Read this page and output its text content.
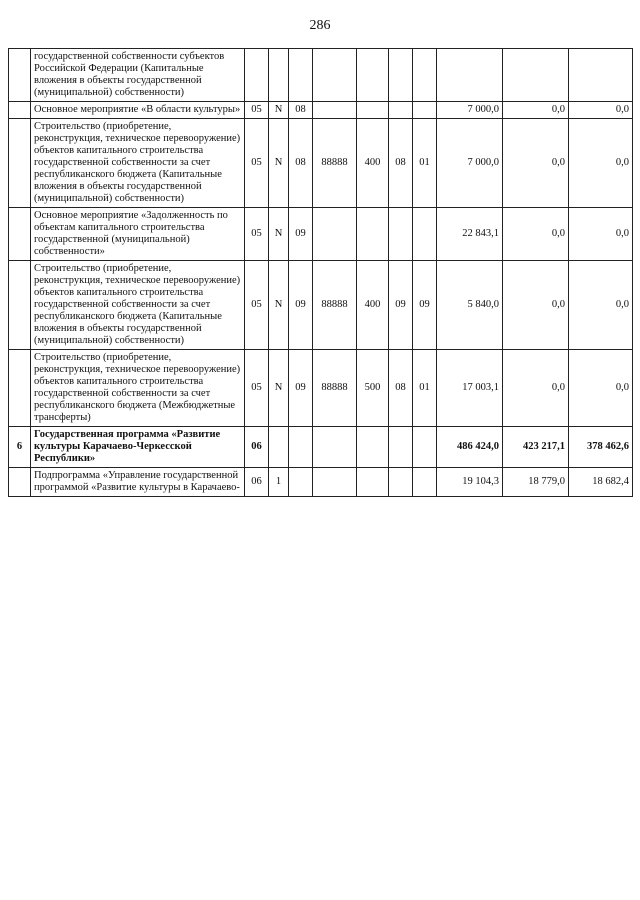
286
	государственной собственности субъектов Российской Федерации (Капитальные вложения в объекты государственной (муниципальной) собственности)										
	Основное мероприятие «В области культуры»	05	N	08					7 000,0	0,0	0,0
	Строительство (приобретение, реконструкция, техническое перевооружение) объектов капитального строительства государственной собственности за счет республиканского бюджета (Капитальные вложения в объекты государственной (муниципальной) собственности)	05	N	08	88888	400	08	01	7 000,0	0,0	0,0
	Основное мероприятие «Задолженность по объектам капитального строительства государственной (муниципальной) собственности»	05	N	09					22 843,1	0,0	0,0
	Строительство (приобретение, реконструкция, техническое перевооружение) объектов капитального строительства государственной собственности за счет республиканского бюджета (Капитальные вложения в объекты государственной (муниципальной) собственности)	05	N	09	88888	400	09	09	5 840,0	0,0	0,0
	Строительство (приобретение, реконструкция, техническое перевооружение) объектов капитального строительства государственной собственности за счет республиканского бюджета (Межбюджетные трансферты)	05	N	09	88888	500	08	01	17 003,1	0,0	0,0
6	Государственная программа «Развитие культуры Карачаево-Черкесской Республики»	06							486 424,0	423 217,1	378 462,6
	Подпрограмма «Управление государственной программой «Развитие культуры в Карачаево-	06	1						19 104,3	18 779,0	18 682,4
